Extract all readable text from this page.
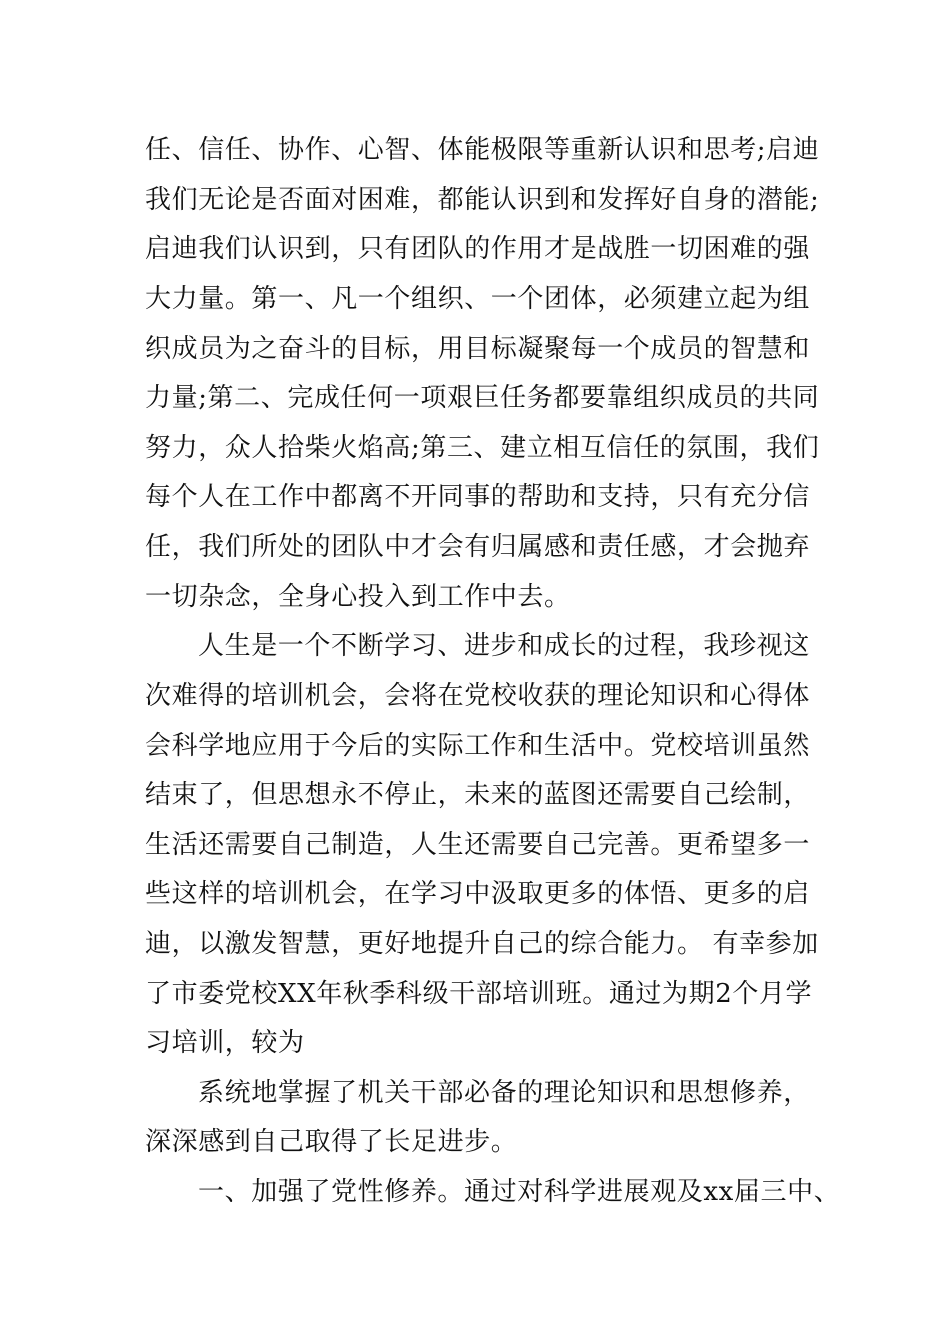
任、信任、协作、心智、体能极限等重新认识和思考;启迪
我们无论是否面对困难，都能认识到和发挥好自身的潜能;
启迪我们认识到，只有团队的作用才是战胜一切困难的强
大力量。第一、凡一个组织、一个团体，必须建立起为组
织成员为之奋斗的目标，用目标凝聚每一个成员的智慧和
力量;第二、完成任何一项艰巨任务都要靠组织成员的共同
努力，众人拾柴火焰高;第三、建立相互信任的氛围，我们
每个人在工作中都离不开同事的帮助和支持，只有充分信
任，我们所处的团队中才会有归属感和责任感，才会抛弃
一切杂念，全身心投入到工作中去。
人生是一个不断学习、进步和成长的过程，我珍视这
次难得的培训机会，会将在党校收获的理论知识和心得体
会科学地应用于今后的实际工作和生活中。党校培训虽然
结束了，但思想永不停止，未来的蓝图还需要自己绘制，
生活还需要自己制造，人生还需要自己完善。更希望多一
些这样的培训机会，在学习中汲取更多的体悟、更多的启
迪，以激发智慧，更好地提升自己的综合能力。 有幸参加
了市委党校XX年秋季科级干部培训班。通过为期2个月学
习培训，较为
系统地掌握了机关干部必备的理论知识和思想修养，
深深感到自己取得了长足进步。
一、加强了党性修养。通过对科学进展观及xx届三中、
